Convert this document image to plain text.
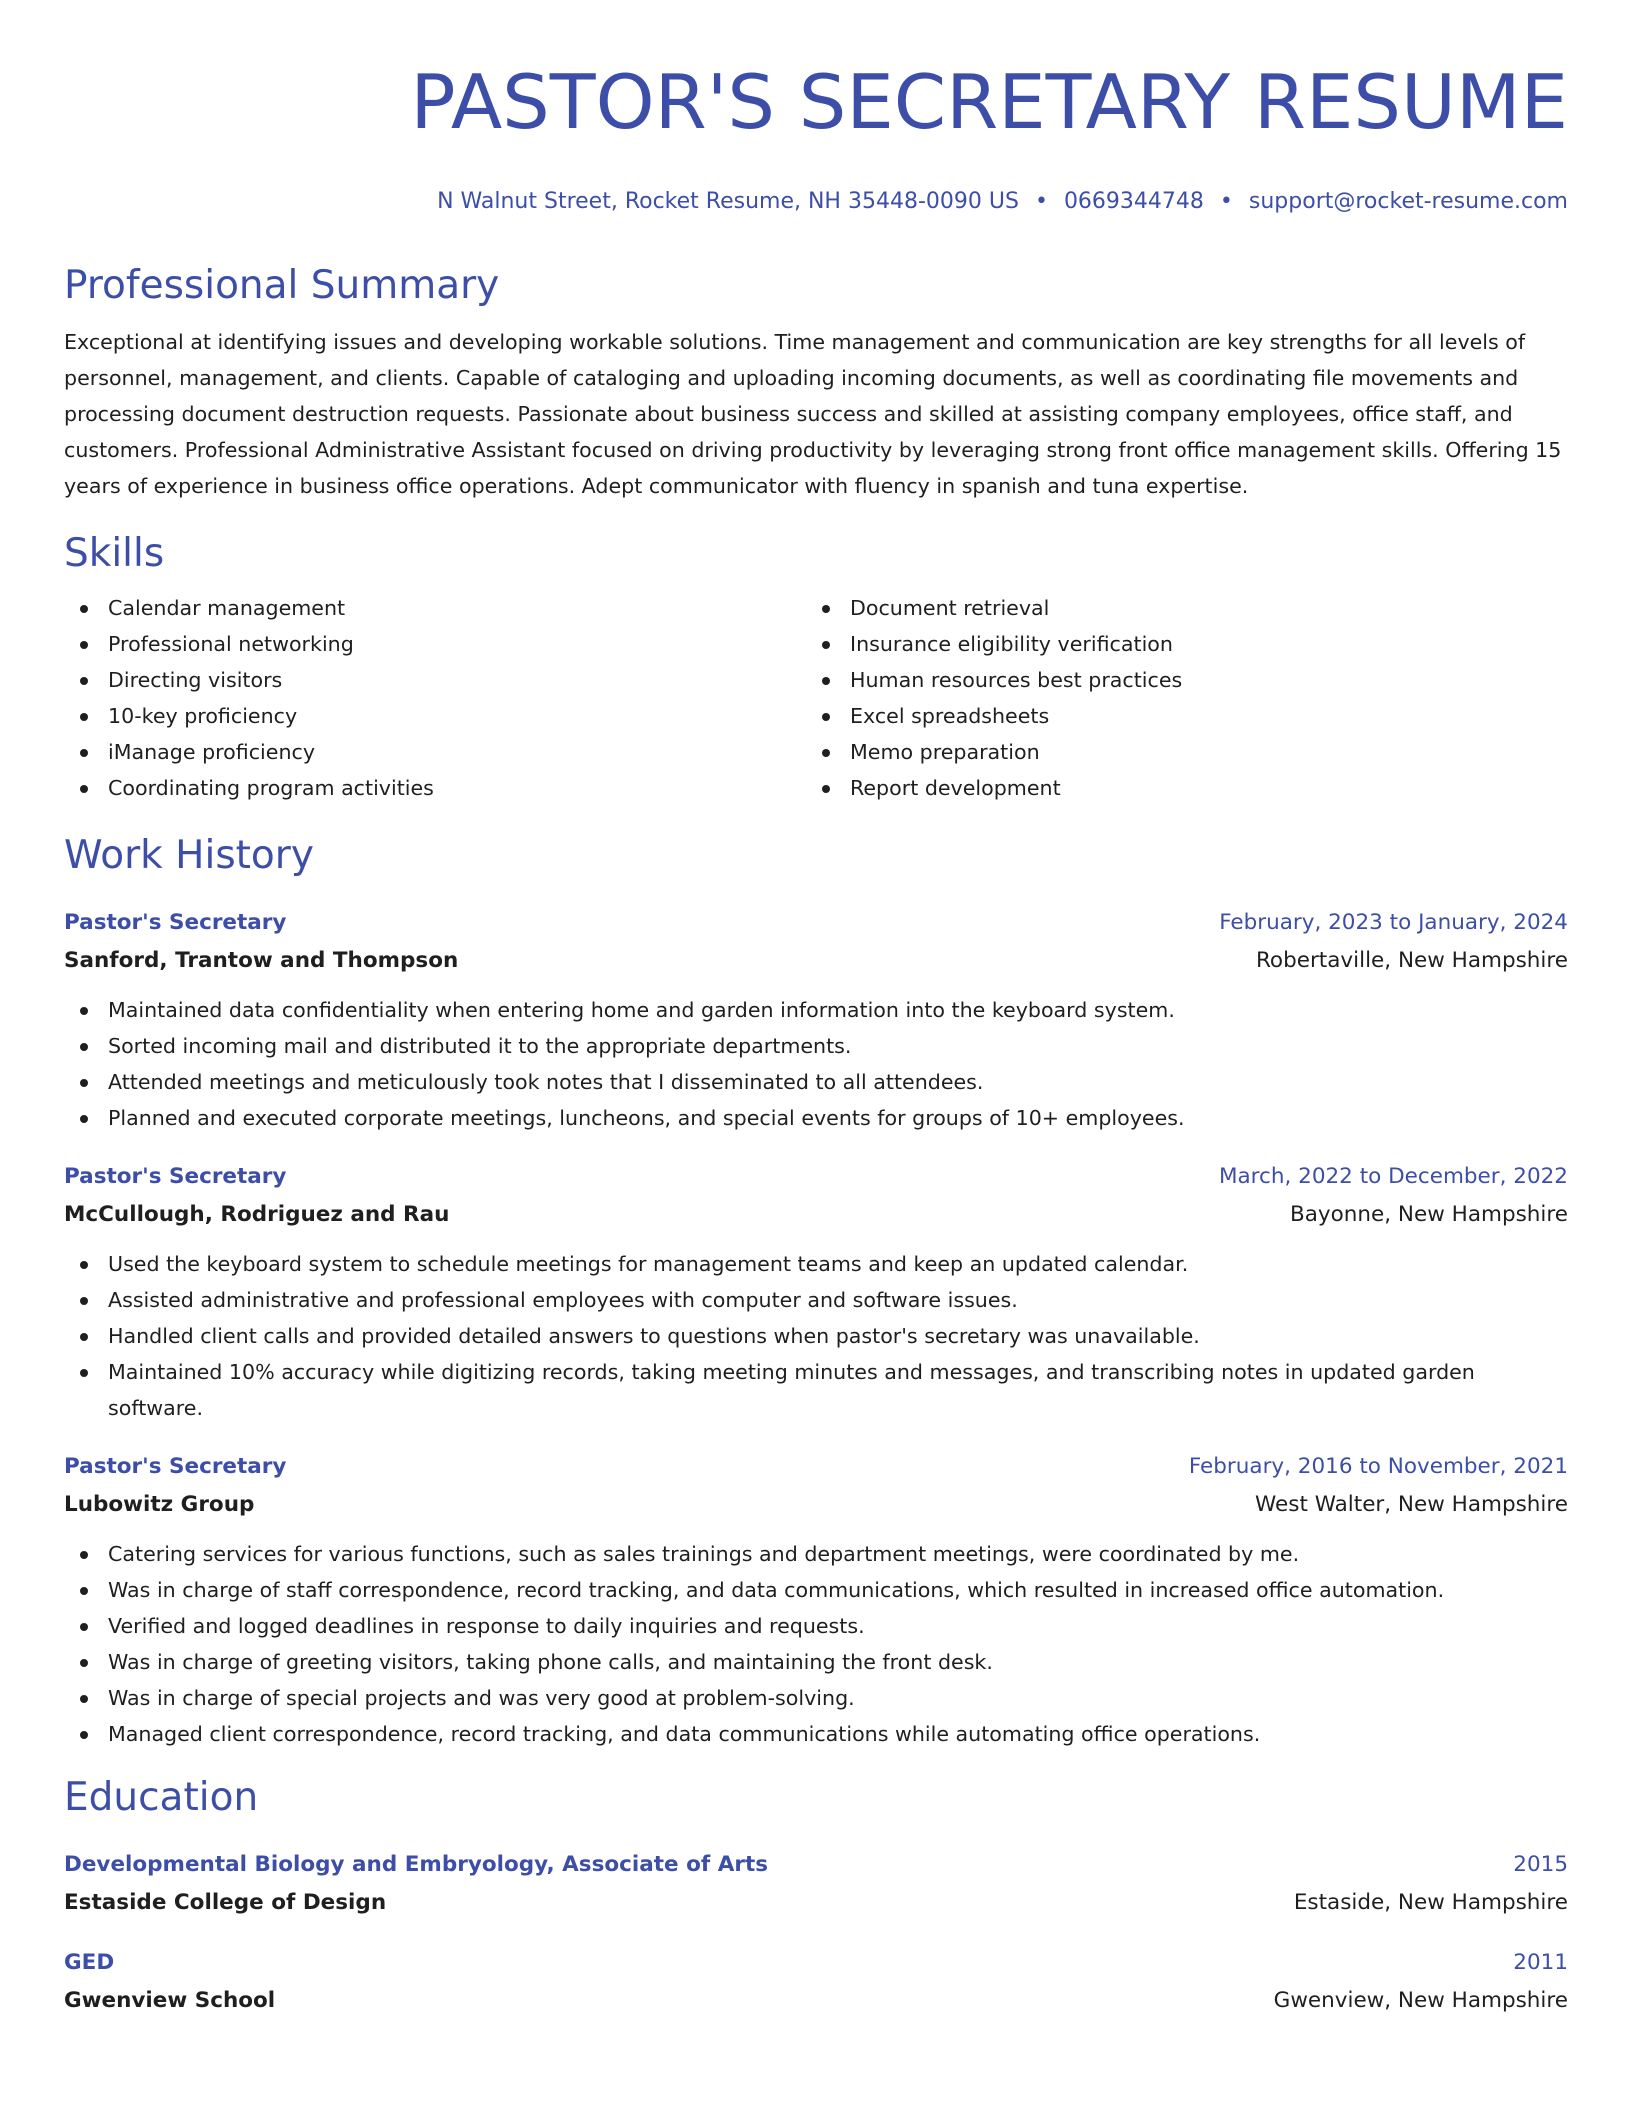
PASTOR'S SECRETARY RESUME
N Walnut Street, Rocket Resume, NH 35448-0090 US • 0669344748 • support@rocket-resume.com
Professional Summary

Exceptional at identifying issues and developing workable solutions. Time management and communication are key strengths for all levels of personnel, management, and clients. Capable of cataloging and uploading incoming documents, as well as coordinating file movements and processing document destruction requests. Passionate about business success and skilled at assisting company employees, office staff, and customers. Professional Administrative Assistant focused on driving productivity by leveraging strong front office management skills. Offering 15 years of experience in business office operations. Adept communicator with fluency in spanish and tuna expertise.

Skills
Calendar management
Professional networking
Directing visitors
10-key proficiency
iManage proficiency
Coordinating program activities
Document retrieval
Insurance eligibility verification
Human resources best practices
Excel spreadsheets
Memo preparation
Report development
Work History
Pastor's Secretary	February, 2023 to January, 2024
Sanford, Trantow and Thompson	Robertaville, New Hampshire
Maintained data confidentiality when entering home and garden information into the keyboard system.
Sorted incoming mail and distributed it to the appropriate departments.
Attended meetings and meticulously took notes that I disseminated to all attendees.
Planned and executed corporate meetings, luncheons, and special events for groups of 10+ employees.
Pastor's Secretary	March, 2022 to December, 2022
McCullough, Rodriguez and Rau	Bayonne, New Hampshire
Used the keyboard system to schedule meetings for management teams and keep an updated calendar.
Assisted administrative and professional employees with computer and software issues.
Handled client calls and provided detailed answers to questions when pastor's secretary was unavailable.
Maintained 10% accuracy while digitizing records, taking meeting minutes and messages, and transcribing notes in updated garden software.
Pastor's Secretary	February, 2016 to November, 2021
Lubowitz Group	West Walter, New Hampshire
Catering services for various functions, such as sales trainings and department meetings, were coordinated by me.
Was in charge of staff correspondence, record tracking, and data communications, which resulted in increased office automation.
Verified and logged deadlines in response to daily inquiries and requests.
Was in charge of greeting visitors, taking phone calls, and maintaining the front desk.
Was in charge of special projects and was very good at problem-solving.
Managed client correspondence, record tracking, and data communications while automating office operations.
Education
Developmental Biology and Embryology, Associate of Arts	2015
Estaside College of Design	Estaside, New Hampshire
GED	2011
Gwenview School	Gwenview, New Hampshire
